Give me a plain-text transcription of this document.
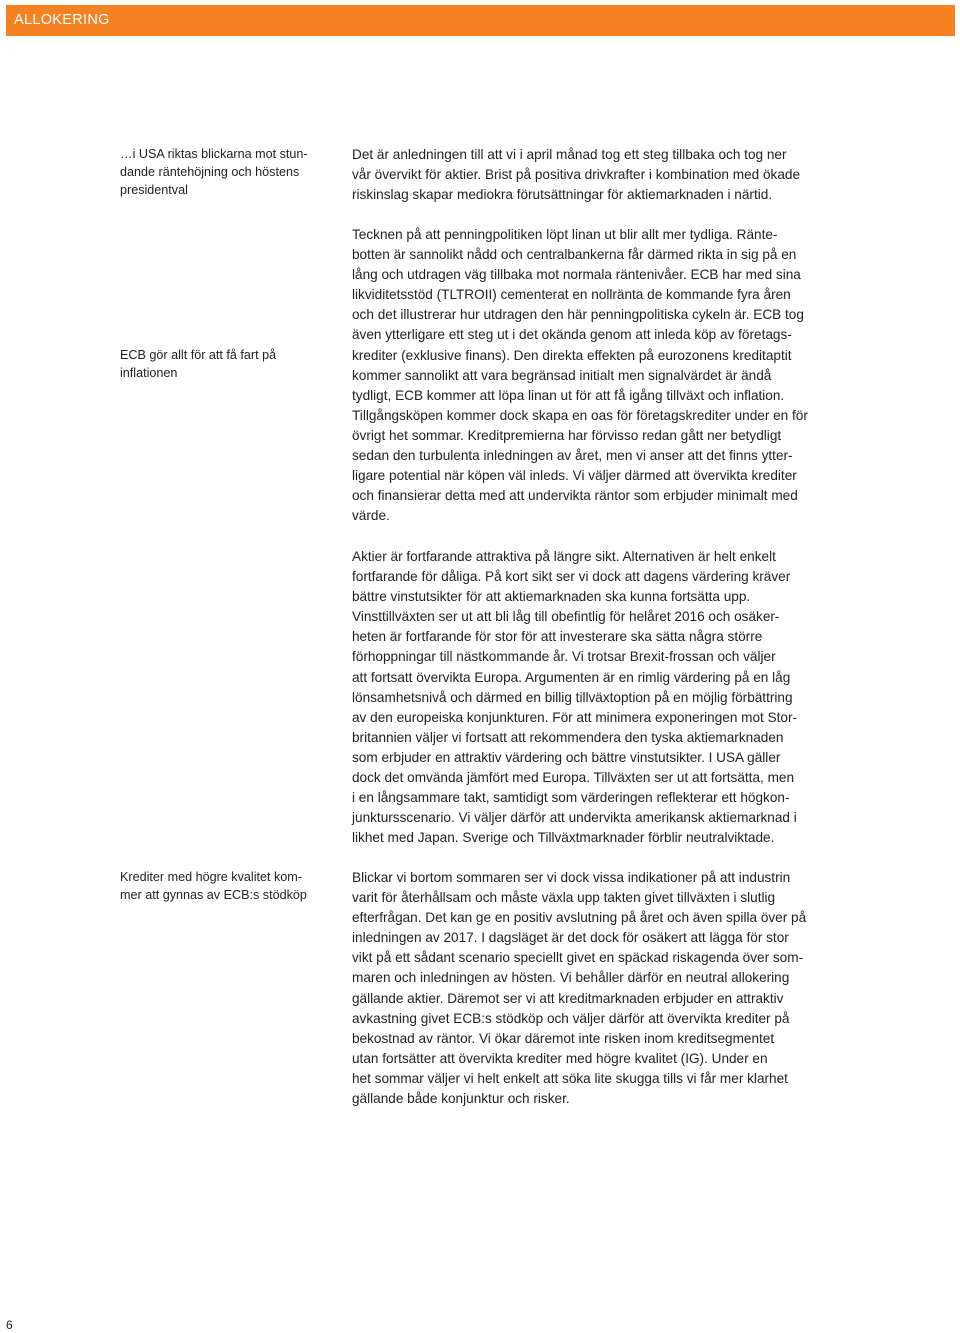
ALLOKERING
…i USA riktas blickarna mot stun-
dande räntehöjning och höstens
presidentval
ECB gör allt för att få fart på
inflationen
Krediter med högre kvalitet kom-
mer att gynnas av ECB:s stödköp
Det är anledningen till att vi i april månad tog ett steg tillbaka och tog ner
vår övervikt för aktier. Brist på positiva drivkrafter i kombination med ökade
riskinslag skapar mediokra förutsättningar för aktiemarknaden i närtid.
Tecknen på att penningpolitiken löpt linan ut blir allt mer tydliga. Ränte-
botten är sannolikt nådd och centralbankerna får därmed rikta in sig på en
lång och utdragen väg tillbaka mot normala räntenivåer. ECB har med sina
likviditetsstöd (TLTROII) cementerat en nollränta de kommande fyra åren
och det illustrerar hur utdragen den här penningpolitiska cykeln är. ECB tog
även ytterligare ett steg ut i det okända genom att inleda köp av företags-
krediter (exklusive finans). Den direkta effekten på eurozonens kreditaptit
kommer sannolikt att vara begränsad initialt men signalvärdet är ändå
tydligt, ECB kommer att löpa linan ut för att få igång tillväxt och inflation.
Tillgångsköpen kommer dock skapa en oas för företagskrediter under en för
övrigt het sommar. Kreditpremierna har förvisso redan gått ner betydligt
sedan den turbulenta inledningen av året, men vi anser att det finns ytter-
ligare potential när köpen väl inleds. Vi väljer därmed att övervikta krediter
och finansierar detta med att undervikta räntor som erbjuder minimalt med
värde.
Aktier är fortfarande attraktiva på längre sikt. Alternativen är helt enkelt
fortfarande för dåliga. På kort sikt ser vi dock att dagens värdering kräver
bättre vinstutsikter för att aktiemarknaden ska kunna fortsätta upp.
Vinsttillväxten ser ut att bli låg till obefintlig för helåret 2016 och osäker-
heten är fortfarande för stor för att investerare ska sätta några större
förhoppningar till nästkommande år. Vi trotsar Brexit-frossan och väljer
att fortsatt övervikta Europa. Argumenten är en rimlig värdering på en låg
lönsamhetsnivå och därmed en billig tillväxtoption på en möjlig förbättring
av den europeiska konjunkturen. För att minimera exponeringen mot Stor-
britannien väljer vi fortsatt att rekommendera den tyska aktiemarknaden
som erbjuder en attraktiv värdering och bättre vinstutsikter. I USA gäller
dock det omvända jämfört med Europa. Tillväxten ser ut att fortsätta, men
i en långsammare takt, samtidigt som värderingen reflekterar ett högkon-
junktursscenario. Vi väljer därför att undervikta amerikansk aktiemarknad i
likhet med Japan. Sverige och Tillväxtmarknader förblir neutralviktade.
Blickar vi bortom sommaren ser vi dock vissa indikationer på att industrin
varit för återhållsam och måste växla upp takten givet tillväxten i slutlig
efterfrågan. Det kan ge en positiv avslutning på året och även spilla över på
inledningen av 2017. I dagsläget är det dock för osäkert att lägga för stor
vikt på ett sådant scenario speciellt givet en späckad riskagenda över som-
maren och inledningen av hösten. Vi behåller därför en neutral allokering
gällande aktier. Däremot ser vi att kreditmarknaden erbjuder en attraktiv
avkastning givet ECB:s stödköp och väljer därför att övervikta krediter på
bekostnad av räntor. Vi ökar däremot inte risken inom kreditsegmentet
utan fortsätter att övervikta krediter med högre kvalitet (IG). Under en
het sommar väljer vi helt enkelt att söka lite skugga tills vi får mer klarhet
gällande både konjunktur och risker.
6
